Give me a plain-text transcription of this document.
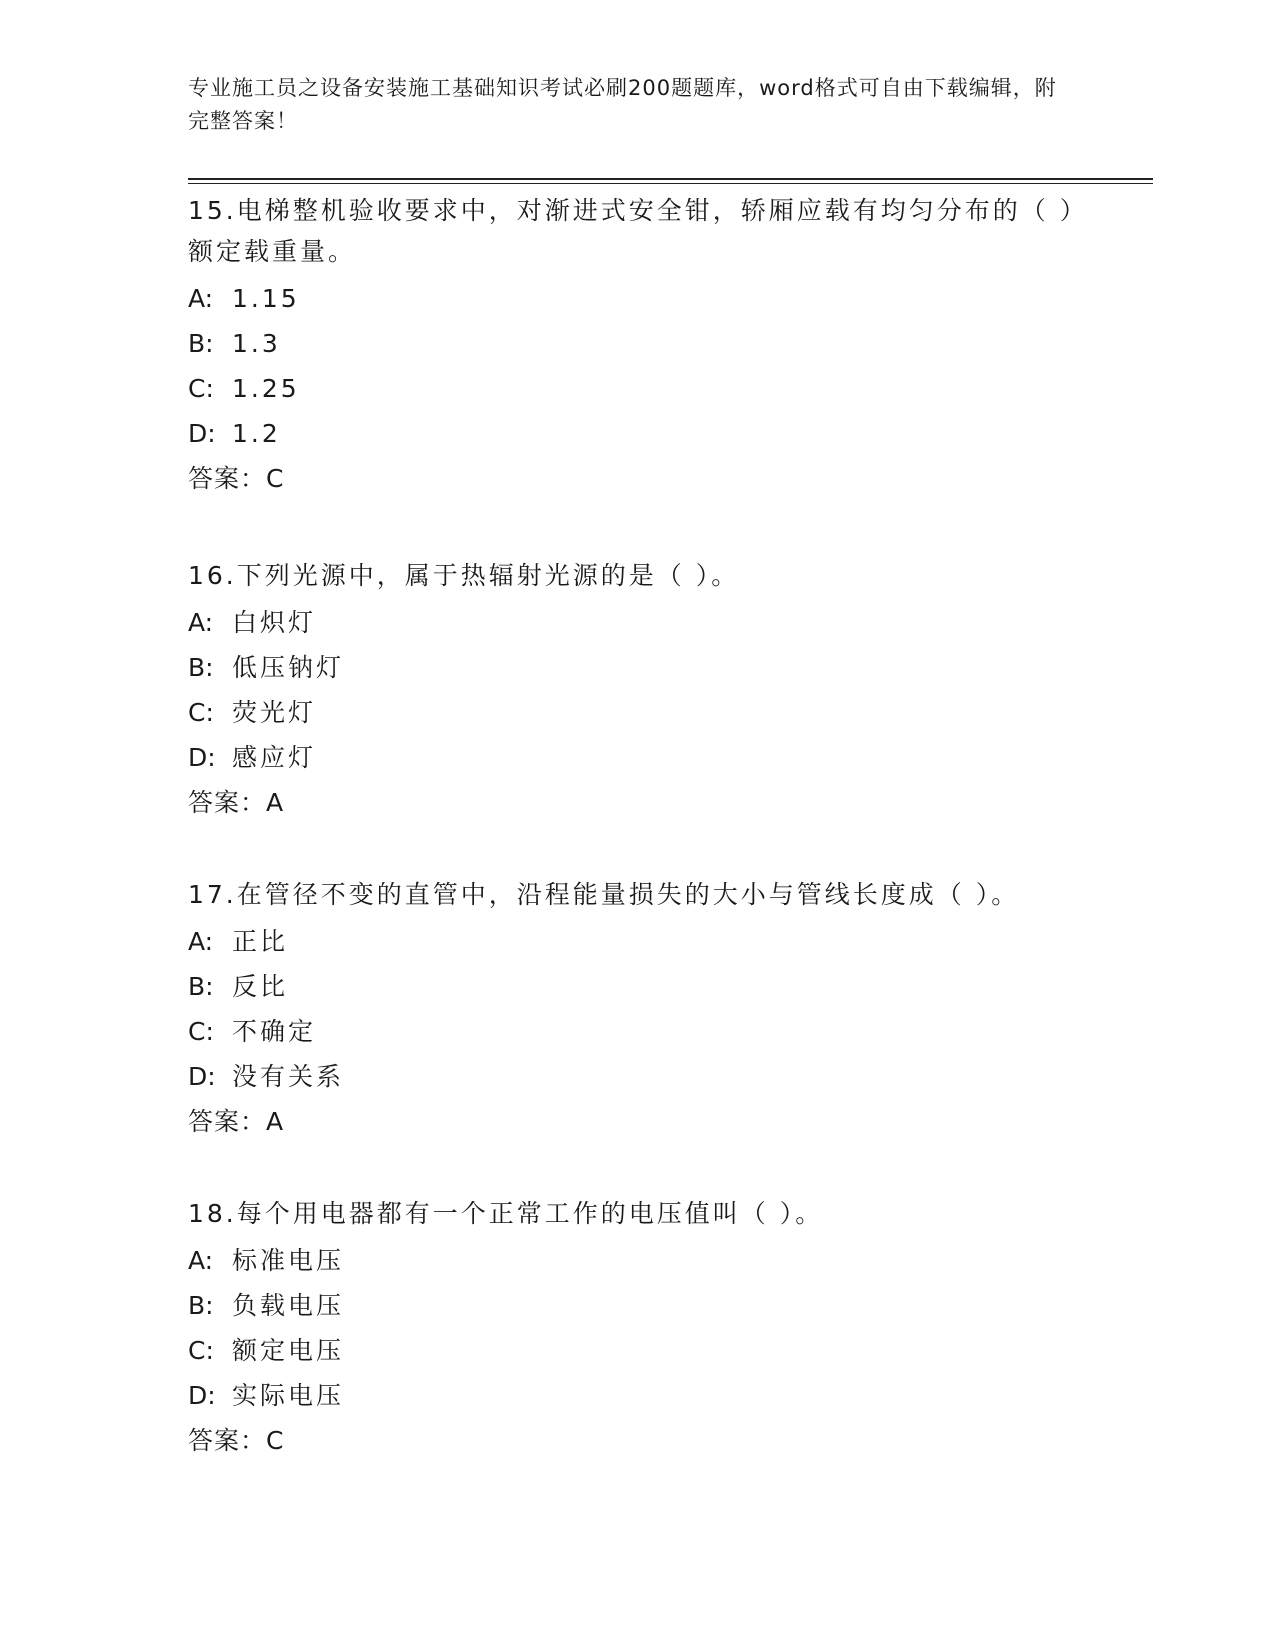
专业施工员之设备安装施工基础知识考试必刷200题题库，word格式可自由下载编辑，附完整答案！

15.电梯整机验收要求中，对渐进式安全钳，轿厢应载有均匀分布的（ ）额定载重量。

A: 1.15
B: 1.3
C: 1.25
D: 1.2
答案：C

16.下列光源中，属于热辐射光源的是（ ）。

A: 白炽灯
B: 低压钠灯
C: 荧光灯
D: 感应灯
答案：A

17.在管径不变的直管中，沿程能量损失的大小与管线长度成（ ）。

A: 正比
B: 反比
C: 不确定
D: 没有关系
答案：A

18.每个用电器都有一个正常工作的电压值叫（ ）。

A: 标准电压
B: 负载电压
C: 额定电压
D: 实际电压
答案：C
